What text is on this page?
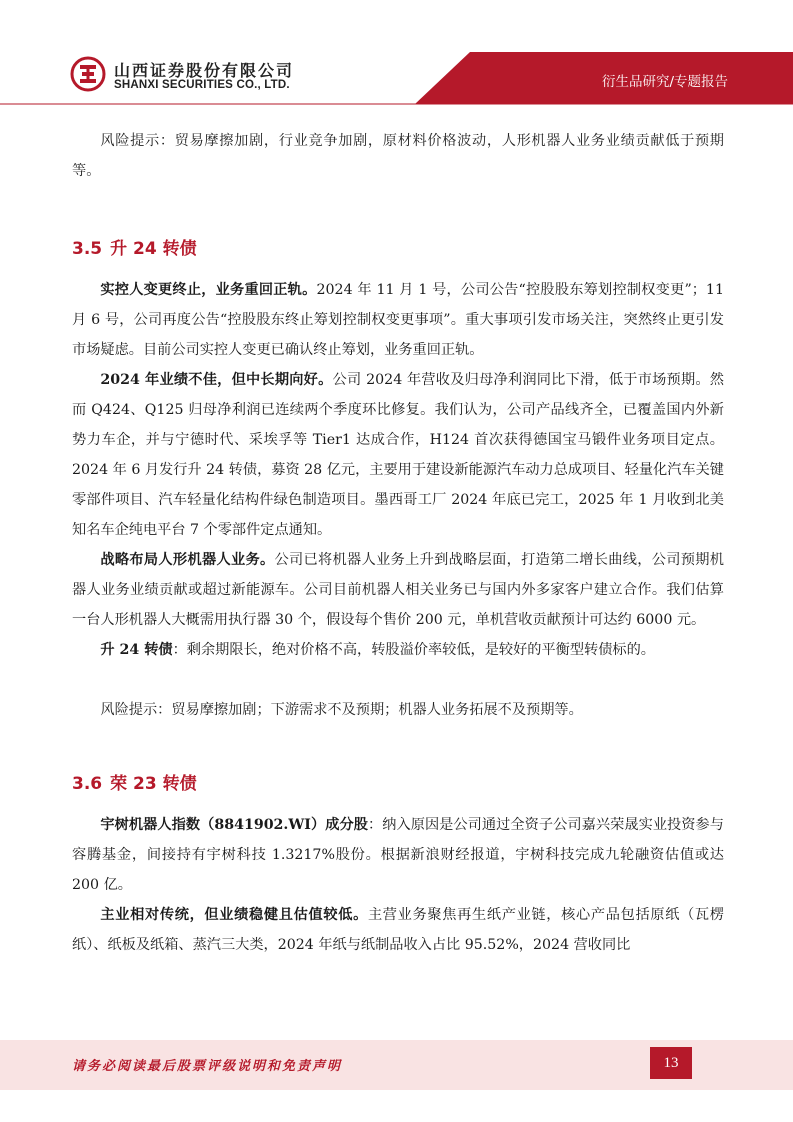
山西证券股份有限公司
SHANXI SECURITIES CO., LTD.	衍生品研究/专题报告

风险提示：贸易摩擦加剧，行业竞争加剧，原材料价格波动，人形机器人业务业绩贡献低于预期等。

3.5 升 24 转债

实控人变更终止，业务重回正轨。2024 年 11 月 1 号，公司公告“控股股东筹划控制权变更”；11 月 6 号，公司再度公告“控股股东终止筹划控制权变更事项”。重大事项引发市场关注，突然终止更引发市场疑虑。目前公司实控人变更已确认终止筹划，业务重回正轨。

2024 年业绩不佳，但中长期向好。公司 2024 年营收及归母净利润同比下滑，低于市场预期。然而 Q424、Q125 归母净利润已连续两个季度环比修复。我们认为，公司产品线齐全，已覆盖国内外新势力车企，并与宁德时代、采埃孚等 Tier1 达成合作，H124 首次获得德国宝马锻件业务项目定点。2024 年 6 月发行升 24 转债，募资 28 亿元，主要用于建设新能源汽车动力总成项目、轻量化汽车关键零部件项目、汽车轻量化结构件绿色制造项目。墨西哥工厂 2024 年底已完工，2025 年 1 月收到北美知名车企纯电平台 7 个零部件定点通知。

战略布局人形机器人业务。公司已将机器人业务上升到战略层面，打造第二增长曲线，公司预期机器人业务业绩贡献或超过新能源车。公司目前机器人相关业务已与国内外多家客户建立合作。我们估算一台人形机器人大概需用执行器 30 个，假设每个售价 200 元，单机营收贡献预计可达约 6000 元。

升 24 转债：剩余期限长，绝对价格不高，转股溢价率较低，是较好的平衡型转债标的。

风险提示：贸易摩擦加剧；下游需求不及预期；机器人业务拓展不及预期等。

3.6 荣 23 转债

宇树机器人指数（8841902.WI）成分股：纳入原因是公司通过全资子公司嘉兴荣晟实业投资参与容腾基金，间接持有宇树科技 1.3217%股份。根据新浪财经报道，宇树科技完成九轮融资估值或达 200 亿。

主业相对传统，但业绩稳健且估值较低。主营业务聚焦再生纸产业链，核心产品包括原纸（瓦楞纸）、纸板及纸箱、蒸汽三大类，2024 年纸与纸制品收入占比 95.52%，2024 营收同比

请务必阅读最后股票评级说明和免责声明	13
